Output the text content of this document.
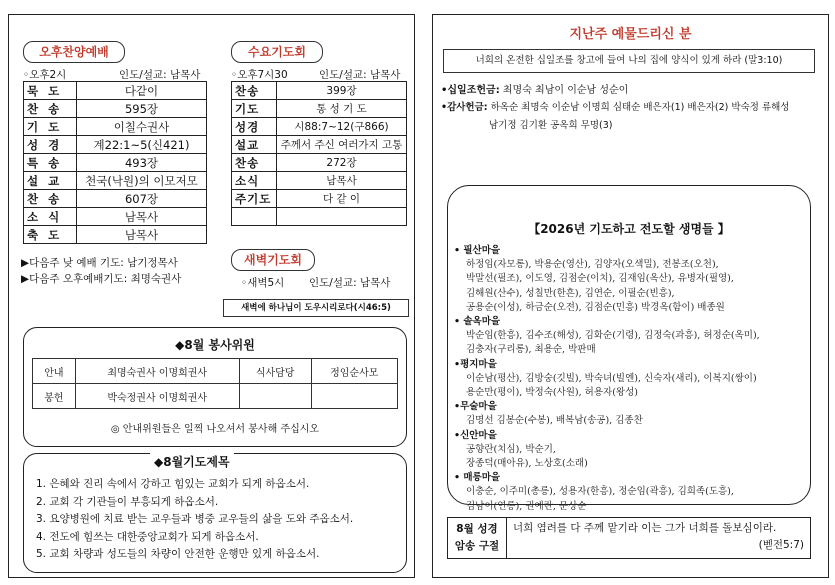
오후찬양예배
◦오후2시	인도/설교: 남목사
묵 도	다같이
찬 송	595장
기 도	이칠수권사
성 경	계22:1~5(신421)
특 송	493장
설 교	천국(낙원)의 이모저모
찬 송	607장
소 식	남목사
축 도	남목사
▶다음주 낮 예배 기도: 남기정목사
▶다음주 오후예배기도: 최명숙권사
수요기도회
◦오후7시30	인도/설교: 남목사
찬송	399장
기도	통 성 기 도
성경	시88:7~12(구866)
설교	주께서 주신 여러가지 고통
찬송	272장
소식	남목사
주기도	다 같 이

새벽기도회
◦새벽5시 인도/설교: 남목사
새벽에 하나님이 도우시리로다(시46:5)
◆8월 봉사위원
안내	최명숙권사 이명희권사	식사담당	정임순사모
봉헌	박숙정권사 이명희권사		
◎ 안내위원들은 일찍 나오셔서 봉사해 주십시오
◆8월기도제목
1. 은혜와 진리 속에서 강하고 힘있는 교회가 되게 하옵소서.
2. 교회 각 기관들이 부흥되게 하옵소서.
3. 요양병원에 치료 받는 교우들과 병중 교우들의 삶을 도와 주옵소서.
4. 전도에 힘쓰는 대한중앙교회가 되게 하옵소서.
5. 교회 차량과 성도들의 차량이 안전한 운행만 있게 하옵소서.
지난주 예물드리신 분
너희의 온전한 십일조를 창고에 들여 나의 집에 양식이 있게 하라 (말3:10)
•십일조헌금: 최명숙 최남이 이순남 성순이
•감사헌금: 하옥순 최명숙 이순남 이명희 심태순 배은자(1) 배은자(2) 박숙정 류해성
남기정 김기환 공옥희 무명(3)
【2026년 기도하고 전도할 생명들 】
• 필산마을
하정임(자모롱), 박용순(영산), 김양자(오색밀), 전봉조(오천),
박말선(필조), 이도영, 김점순(이치), 김재임(옥산), 유병자(필영),
김해원(산수), 성칠만(한흔), 김연순, 이필순(빈흥),
공용순(이성), 하금순(오전), 김점순(민흥) 박경옥(함이) 배종원
• 솔옥마을
박순임(한흥), 김수조(해성), 김화순(기령), 김정숙(과흥), 허정순(옥미),
김충자(구리롱), 최용순, 박판매
•평지마을
이순남(평산), 김방숭(깃빌), 박숙녀(빌엔), 신숙자(새리), 이복지(쌍이)
용순만(평이), 박정숙(사원), 허용자(왕성)
•무술마을
김명선 김봉순(수봉), 배복남(송공), 김종찬
•신안마을
공향란(치심), 박순기,
장종덕(매아유), 노상호(소래)
• 매릉마을
이충순, 이주미(총릉), 성용자(한흥), 정순임(곽흥), 김희족(도흥),
김남이(연롱), 권예란, 문상순
8월 성경
암송 구절
너희 염려를 다 주께 맡기라 이는 그가 너희를 돌보심이라.
(벧전5:7)
